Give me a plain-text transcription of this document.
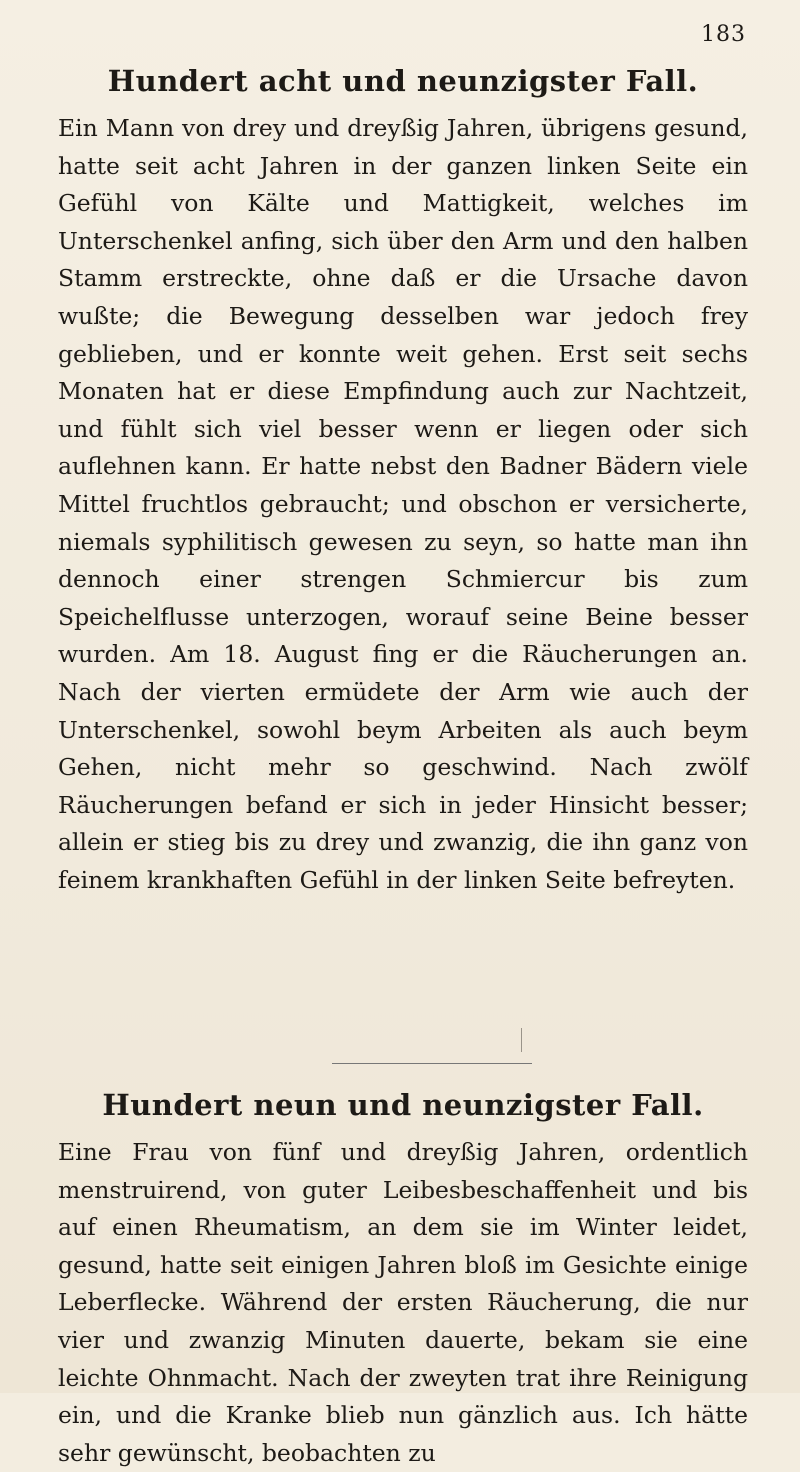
183
Hundert acht und neunzigster Fall.

Ein Mann von drey und dreyßig Jahren, übrigens gesund, hatte seit acht Jahren in der ganzen linken Seite ein Gefühl von Kälte und Mattigkeit, welches im Unterschenkel anfing, sich über den Arm und den halben Stamm erstreckte, ohne daß er die Ursache davon wußte; die Bewegung desselben war jedoch frey geblieben, und er konnte weit gehen. Erst seit sechs Monaten hat er diese Empfindung auch zur Nachtzeit, und fühlt sich viel besser wenn er liegen oder sich auflehnen kann. Er hatte nebst den Badner Bädern viele Mittel fruchtlos gebraucht; und obschon er versicherte, niemals syphilitisch gewesen zu seyn, so hatte man ihn dennoch einer strengen Schmiercur bis zum Speichelflusse unterzogen, worauf seine Beine besser wurden. Am 18. August fing er die Räucherungen an. Nach der vierten ermüdete der Arm wie auch der Unterschenkel, sowohl beym Arbeiten als auch beym Gehen, nicht mehr so geschwind. Nach zwölf Räucherungen befand er sich in jeder Hinsicht besser; allein er stieg bis zu drey und zwanzig, die ihn ganz von feinem krankhaften Gefühl in der linken Seite befreyten.

Hundert neun und neunzigster Fall.

Eine Frau von fünf und dreyßig Jahren, ordentlich menstruirend, von guter Leibesbeschaffenheit und bis auf einen Rheumatism, an dem sie im Winter leidet, gesund, hatte seit einigen Jahren bloß im Gesichte einige Leberflecke. Während der ersten Räucherung, die nur vier und zwanzig Minuten dauerte, bekam sie eine leichte Ohnmacht. Nach der zweyten trat ihre Reinigung ein, und die Kranke blieb nun gänzlich aus. Ich hätte sehr gewünscht, beobachten zu
